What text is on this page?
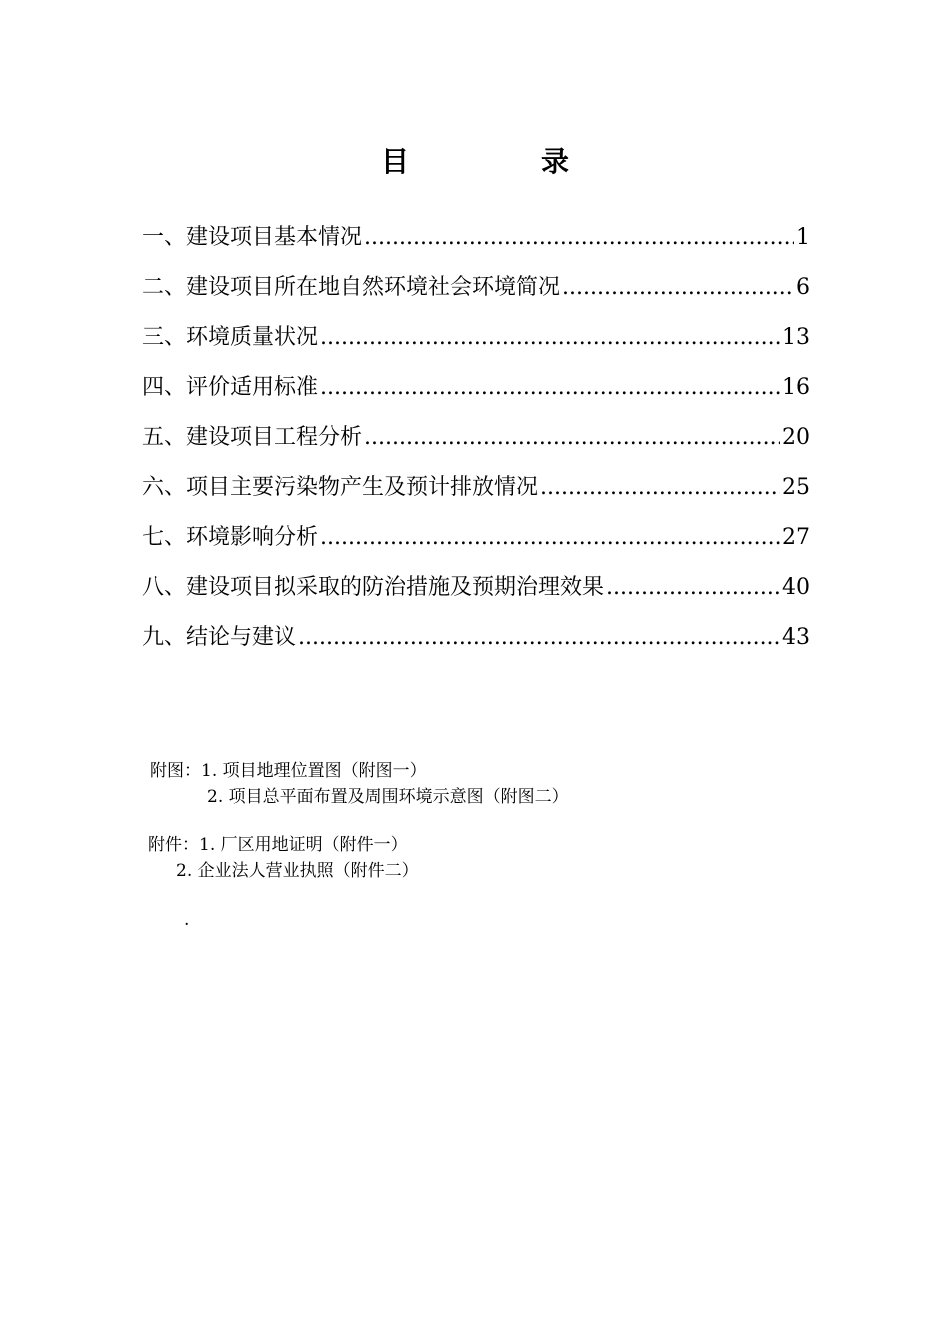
目　录
一、建设项目基本情况 .....	1
二、建设项目所在地自然环境社会环境简况 .....	6
三、环境质量状况 .....	13
四、评价适用标准 .....	16
五、建设项目工程分析 .....	20
六、项目主要污染物产生及预计排放情况 .....	25
七、环境影响分析 .....	27
八、建设项目拟采取的防治措施及预期治理效果 .....	40
九、结论与建议 .....	43
附图：1. 项目地理位置图（附图一）
2. 项目总平面布置及周围环境示意图（附图二）
附件：1. 厂区用地证明（附件一）
2. 企业法人营业执照（附件二）
.
